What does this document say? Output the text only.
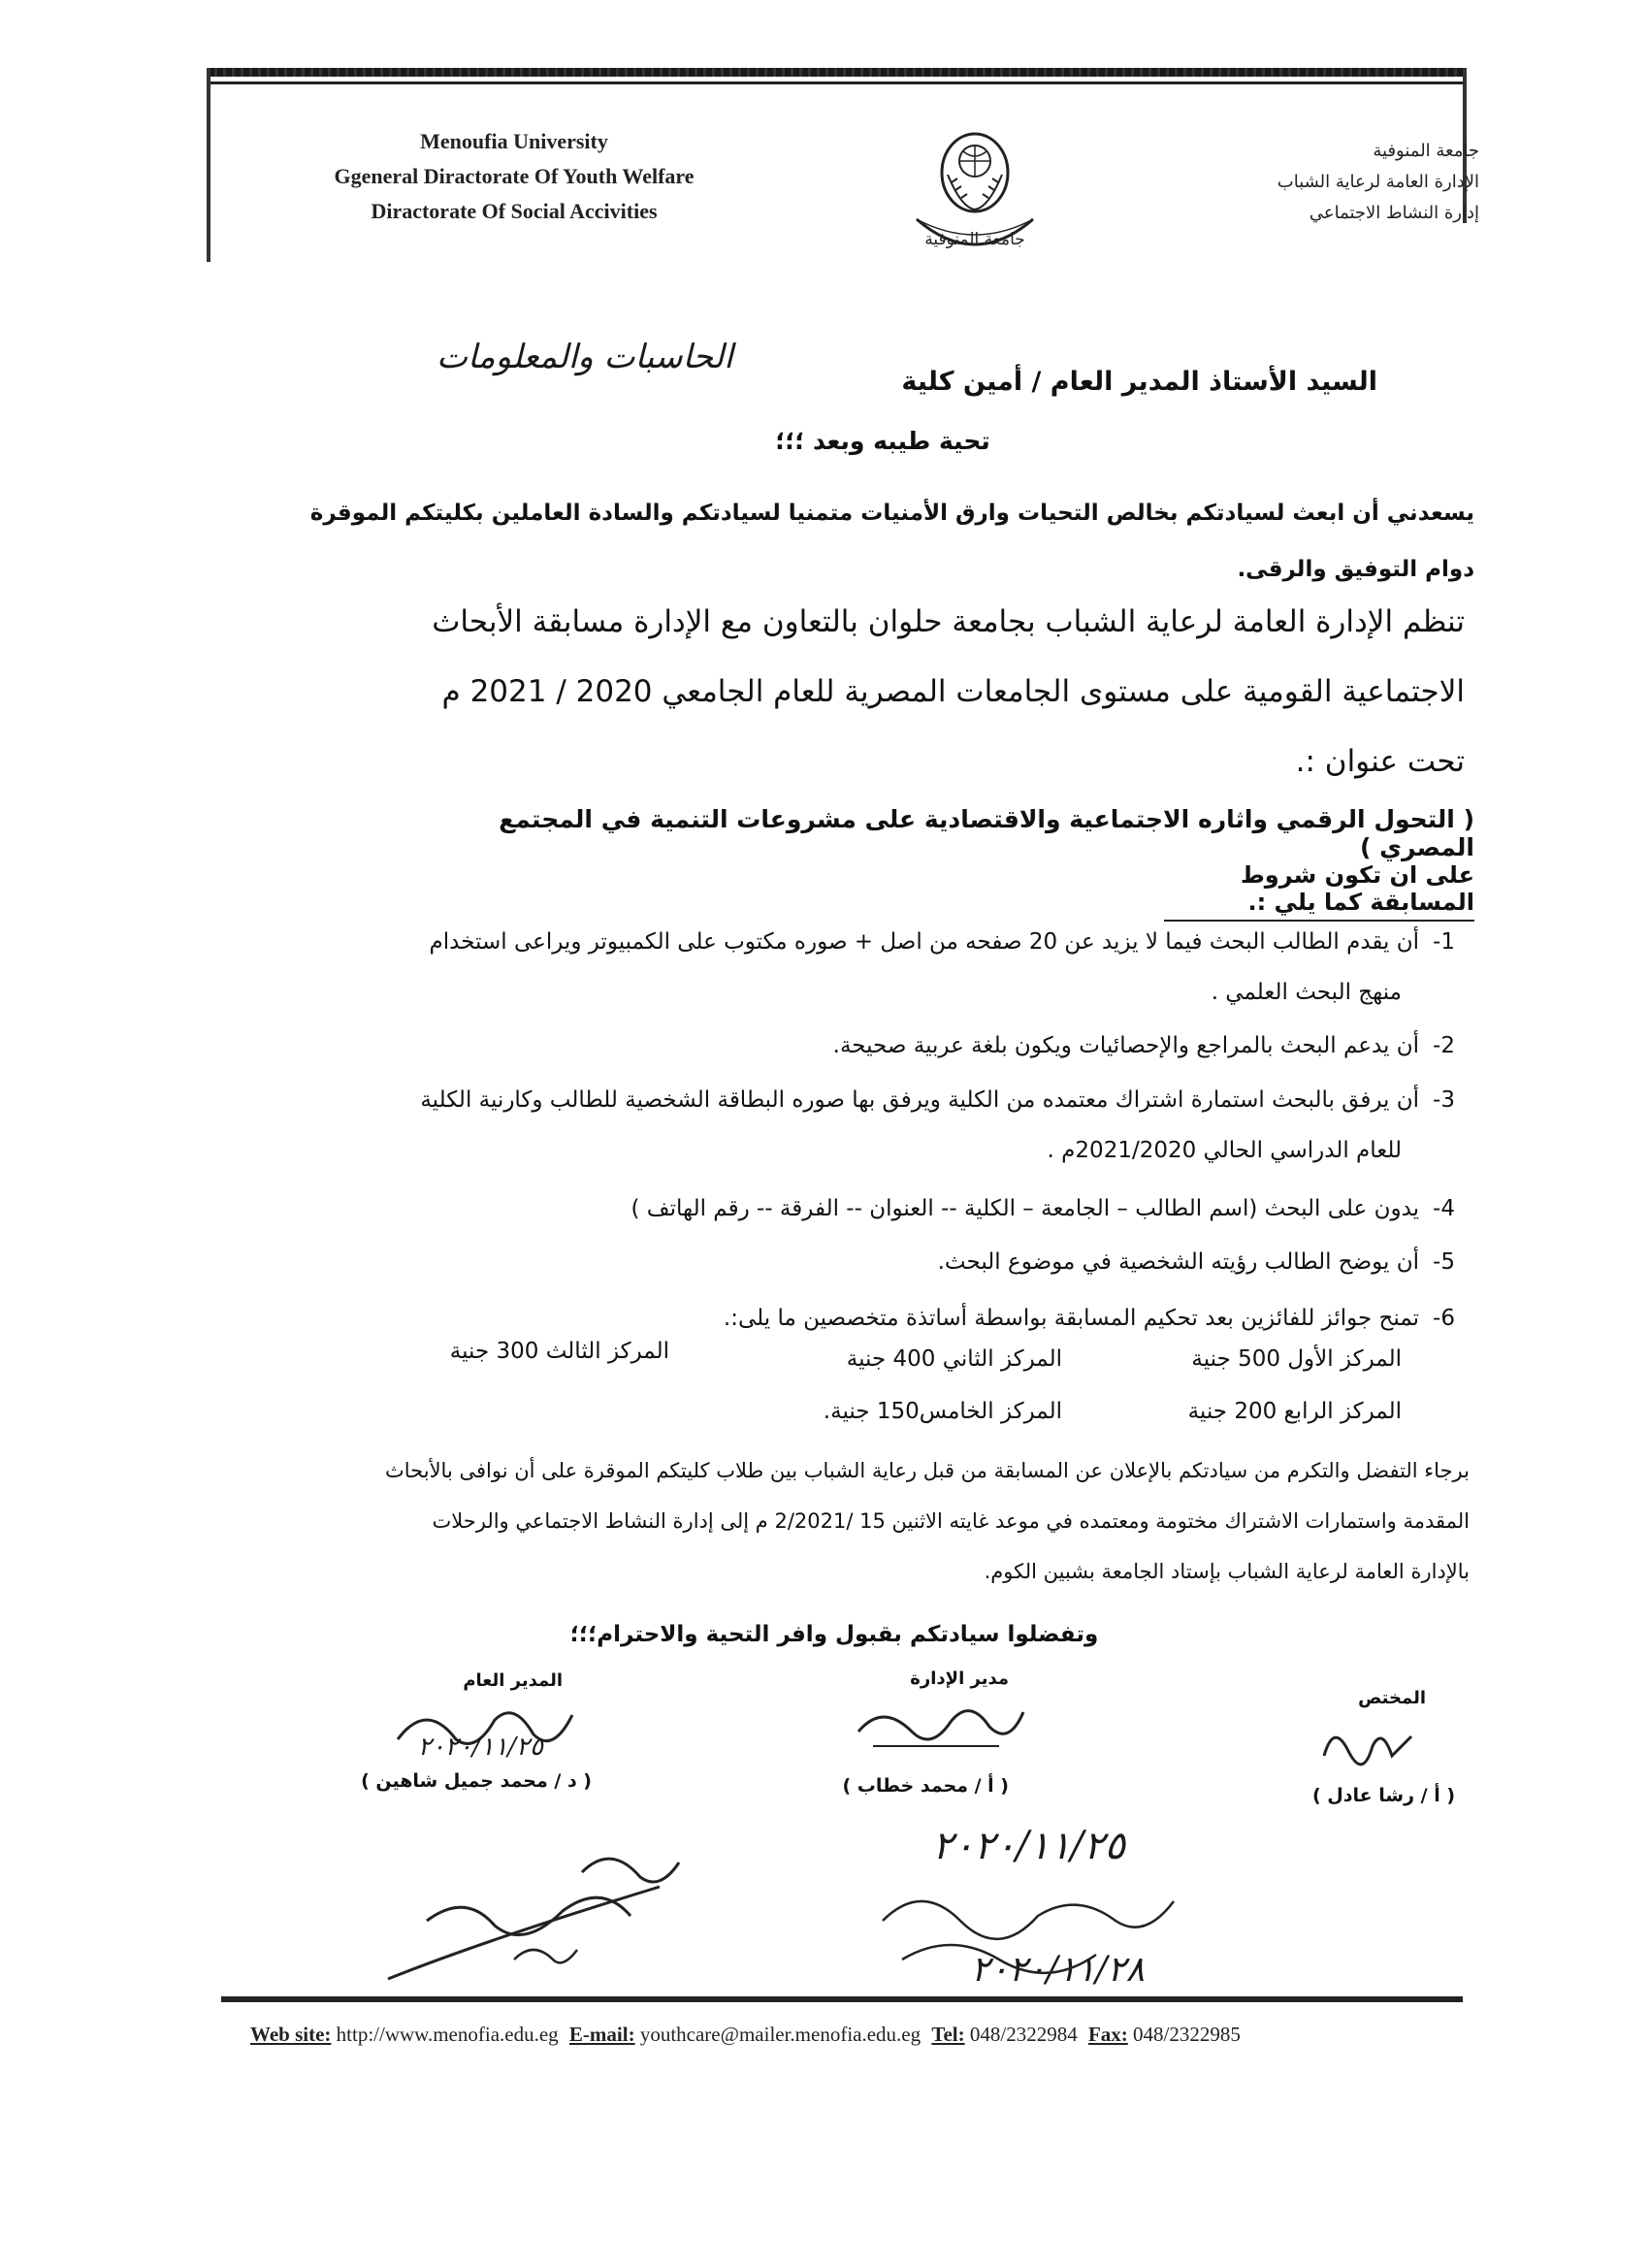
Menoufia University
Ggeneral Diractorate Of Youth Welfare
Diractorate Of Social Accivities
جامعة المنوفية
جامعة المنوفية
الإدارة العامة لرعاية الشباب
إدارة النشاط الاجتماعي
الحاسبات والمعلومات
السيد الأستاذ المدير العام / أمين كلية
تحية طيبه وبعد ؛؛؛
يسعدني أن ابعث لسيادتكم بخالص التحيات وارق الأمنيات متمنيا لسيادتكم والسادة العاملين بكليتكم الموقرة
دوام التوفيق والرقى.
تنظم الإدارة العامة لرعاية الشباب بجامعة حلوان بالتعاون مع الإدارة مسابقة الأبحاث
الاجتماعية القومية على مستوى الجامعات المصرية للعام الجامعي 2020 / 2021 م
تحت عنوان :.
( التحول الرقمي واثاره الاجتماعية والاقتصادية على مشروعات التنمية في المجتمع المصري )
على ان تكون شروط المسابقة كما يلي :.
1-أن يقدم الطالب البحث فيما لا يزيد عن 20 صفحه من اصل + صوره مكتوب على الكمبيوتر ويراعى استخدام
منهج البحث العلمي .
2-أن يدعم البحث بالمراجع والإحصائيات ويكون بلغة عربية صحيحة.
3-أن يرفق بالبحث استمارة اشتراك معتمده من الكلية ويرفق بها صوره البطاقة الشخصية للطالب وكارنية الكلية
للعام الدراسي الحالي 2021/2020م .
4-يدون على البحث (اسم الطالب – الجامعة – الكلية -- العنوان -- الفرقة -- رقم الهاتف )
5-أن يوضح الطالب رؤيته الشخصية في موضوع البحث.
6-تمنح جوائز للفائزين بعد تحكيم المسابقة بواسطة أساتذة متخصصين ما يلى:.
المركز الأول 500 جنية
المركز الثاني 400 جنية
المركز الثالث 300 جنية
المركز الرابع 200 جنية
المركز الخامس150 جنية.
برجاء التفضل والتكرم من سيادتكم بالإعلان عن المسابقة من قبل رعاية الشباب بين طلاب كليتكم الموقرة على أن نوافى بالأبحاث
المقدمة واستمارات الاشتراك مختومة ومعتمده في موعد غايته الاثنين 15 /2/2021 م إلى إدارة النشاط الاجتماعي والرحلات
بالإدارة العامة لرعاية الشباب بإستاد الجامعة بشبين الكوم.
وتفضلوا سيادتكم بقبول وافر التحية والاحترام؛؛؛
المختص
( أ / رشا عادل )
مدير الإدارة
( أ / محمد خطاب )
المدير العام
( د / محمد جميل شاهين )
٢٠٢٠/١١/٢٥
٢٠٢٠/١١/٢٥
٢٠٢٠/١١/٢٨
Web site: http://www.menofia.edu.eg E-mail: youthcare@mailer.menofia.edu.eg Tel: 048/2322984 Fax: 048/2322985
